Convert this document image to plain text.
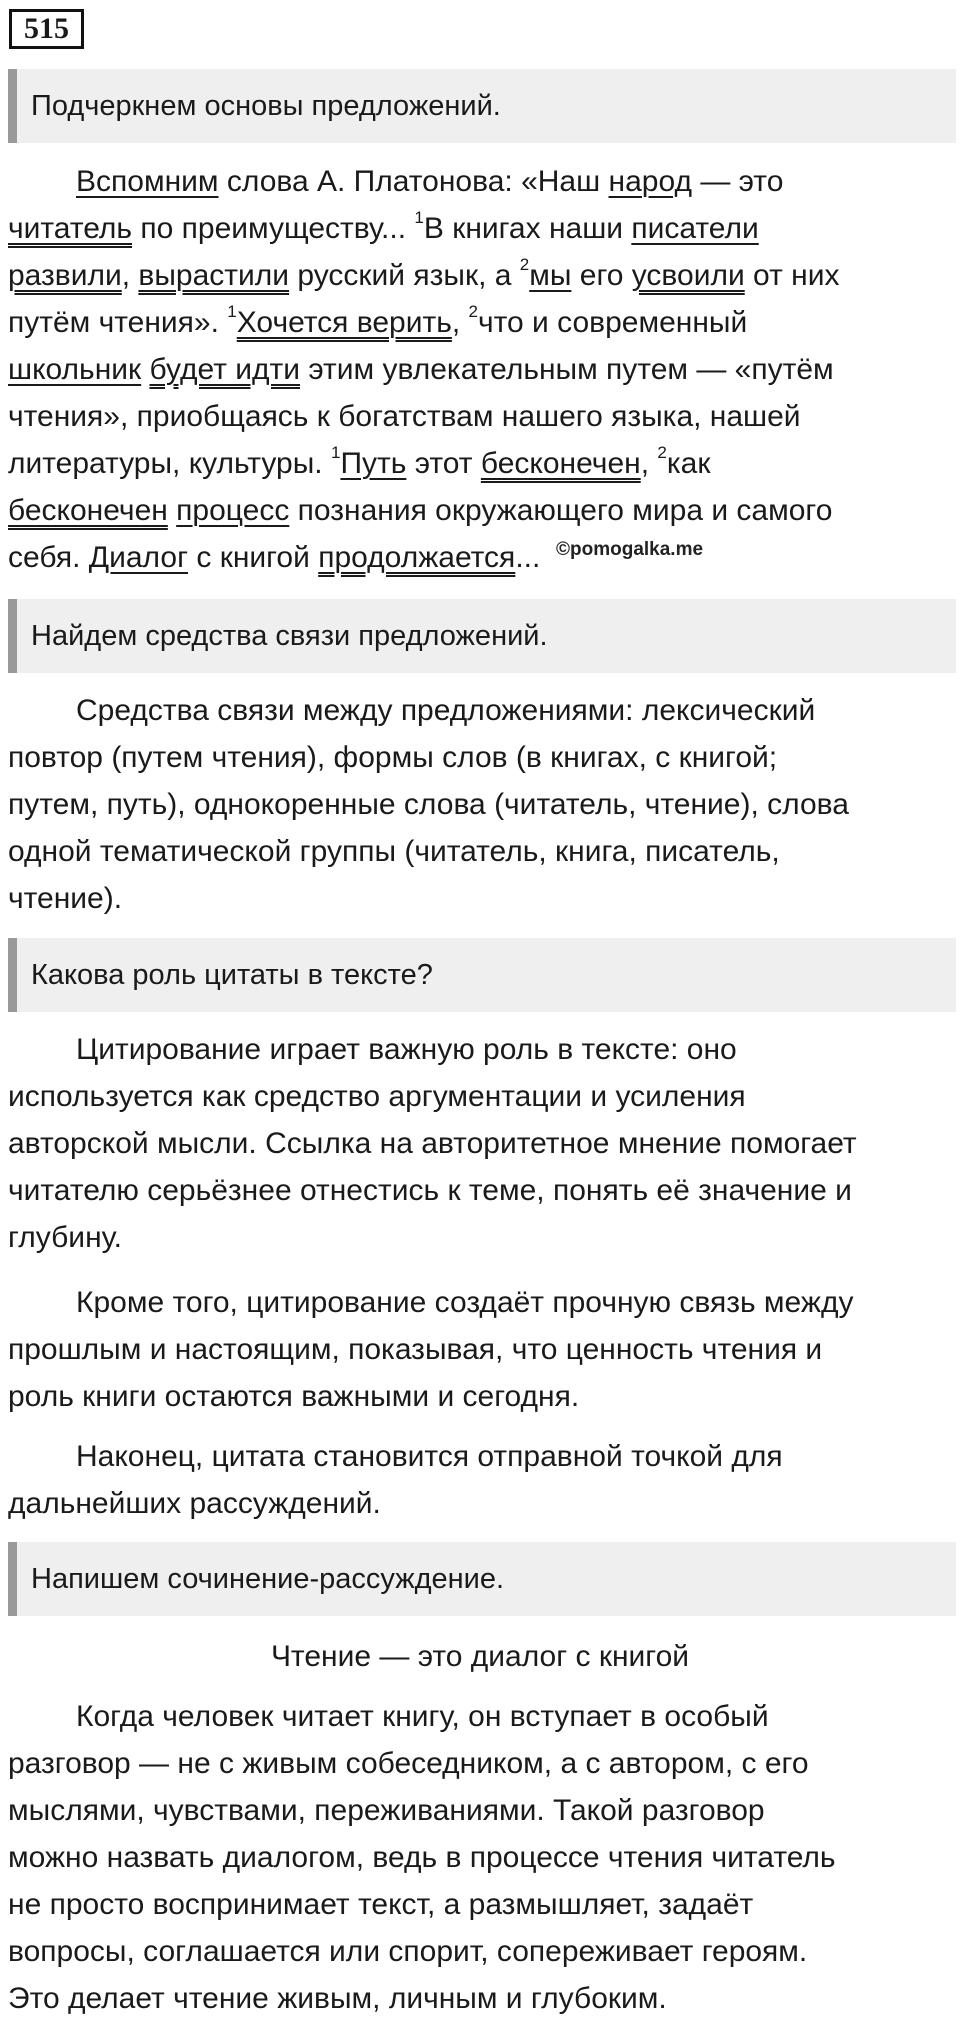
515
Подчеркнем основы предложений.
Вспомним слова А. Платонова: «Наш народ — это
читатель по преимуществу... $^1$В книгах наши писатели
развили, вырастили русский язык, а $^2$мы его усвоили от них
путём чтения». $^1$Хочется верить, $^2$что и современный
школьник будет идти этим увлекательным путем — «путём
чтения», приобщаясь к богатствам нашего языка, нашей
литературы, культуры. $^1$Путь этот бесконечен, $^2$как
бесконечен процесс познания окружающего мира и самого
себя. Диалог с книгой продолжается... ©pomogalka.me
Найдем средства связи предложений.
Средства связи между предложениями: лексический
повтор (путем чтения), формы слов (в книгах, с книгой;
путем, путь), однокоренные слова (читатель, чтение), слова
одной тематической группы (читатель, книга, писатель,
чтение).
Какова роль цитаты в тексте?
Цитирование играет важную роль в тексте: оно
используется как средство аргументации и усиления
авторской мысли. Ссылка на авторитетное мнение помогает
читателю серьёзнее отнестись к теме, понять её значение и
глубину.
Кроме того, цитирование создаёт прочную связь между
прошлым и настоящим, показывая, что ценность чтения и
роль книги остаются важными и сегодня.
Наконец, цитата становится отправной точкой для
дальнейших рассуждений.
Напишем сочинение-рассуждение.
Чтение — это диалог с книгой
Когда человек читает книгу, он вступает в особый
разговор — не с живым собеседником, а с автором, с его
мыслями, чувствами, переживаниями. Такой разговор
можно назвать диалогом, ведь в процессе чтения читатель
не просто воспринимает текст, а размышляет, задаёт
вопросы, соглашается или спорит, сопереживает героям.
Это делает чтение живым, личным и глубоким.
